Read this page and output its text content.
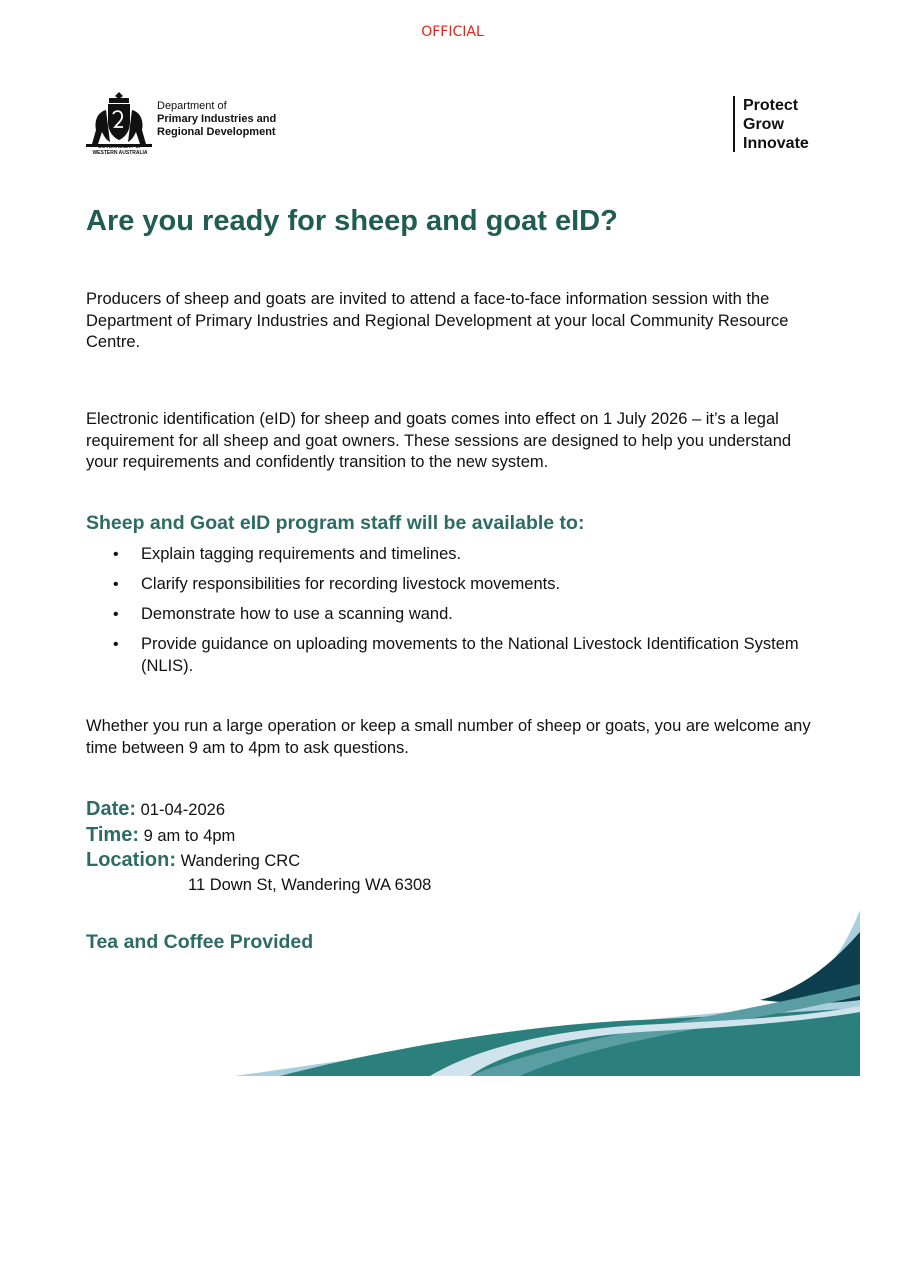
OFFICIAL
Department of
Primary Industries and
Regional Development
GOVERNMENT OF
WESTERN AUSTRALIA
Protect
Grow
Innovate
Are you ready for sheep and goat eID?

Producers of sheep and goats are invited to attend a face-to-face information session with the Department of Primary Industries and Regional Development at your local Community Resource Centre.

Electronic identification (eID) for sheep and goats comes into effect on 1 July 2026 – it’s a legal requirement for all sheep and goat owners. These sessions are designed to help you understand your requirements and confidently transition to the new system.

Sheep and Goat eID program staff will be available to:
• Explain tagging requirements and timelines.
• Clarify responsibilities for recording livestock movements.
• Demonstrate how to use a scanning wand.
• Provide guidance on uploading movements to the National Livestock Identification System (NLIS).

Whether you run a large operation or keep a small number of sheep or goats, you are welcome any time between 9 am to 4pm to ask questions.

Date: 01-04-2026
Time: 9 am to 4pm
Location: Wandering CRC
11 Down St, Wandering WA 6308
Tea and Coffee Provided
